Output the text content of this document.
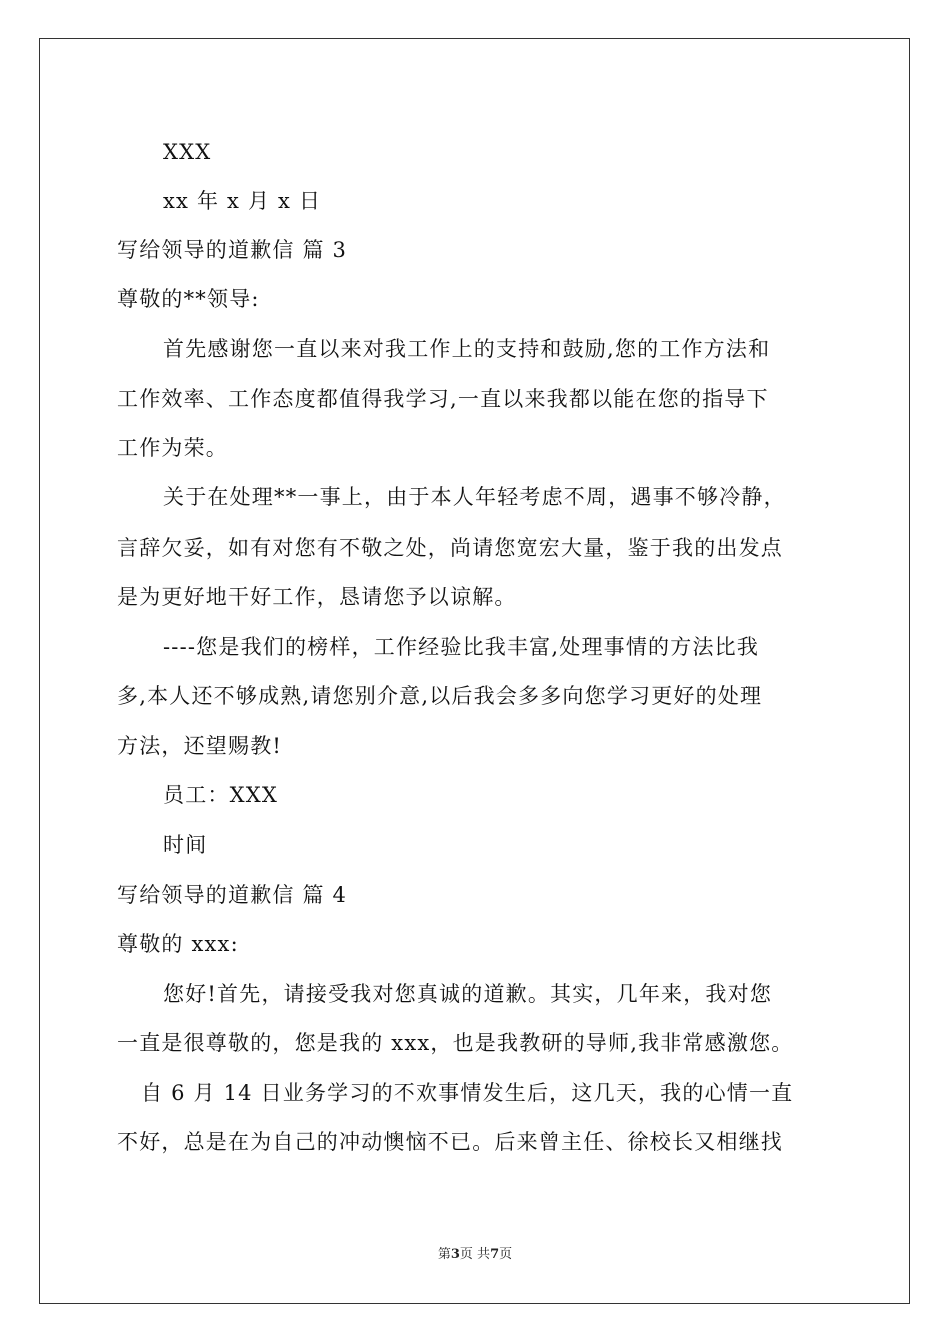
XXX
xx 年 x 月 x 日
写给领导的道歉信 篇 3
尊敬的**领导:
首先感谢您一直以来对我工作上的支持和鼓励,您的工作方法和
工作效率、工作态度都值得我学习,一直以来我都以能在您的指导下
工作为荣。
关于在处理**一事上，由于本人年轻考虑不周，遇事不够冷静，
言辞欠妥，如有对您有不敬之处，尚请您宽宏大量，鉴于我的出发点
是为更好地干好工作，恳请您予以谅解。
----您是我们的榜样，工作经验比我丰富,处理事情的方法比我
多,本人还不够成熟,请您别介意,以后我会多多向您学习更好的处理
方法，还望赐教!
员工：XXX
时间
写给领导的道歉信 篇 4
尊敬的 xxx:
您好!首先，请接受我对您真诚的道歉。其实，几年来，我对您
一直是很尊敬的，您是我的 xxx，也是我教研的导师,我非常感激您。
自 6 月 14 日业务学习的不欢事情发生后，这几天，我的心情一直
不好，总是在为自己的冲动懊恼不已。后来曾主任、徐校长又相继找
第3页 共7页
